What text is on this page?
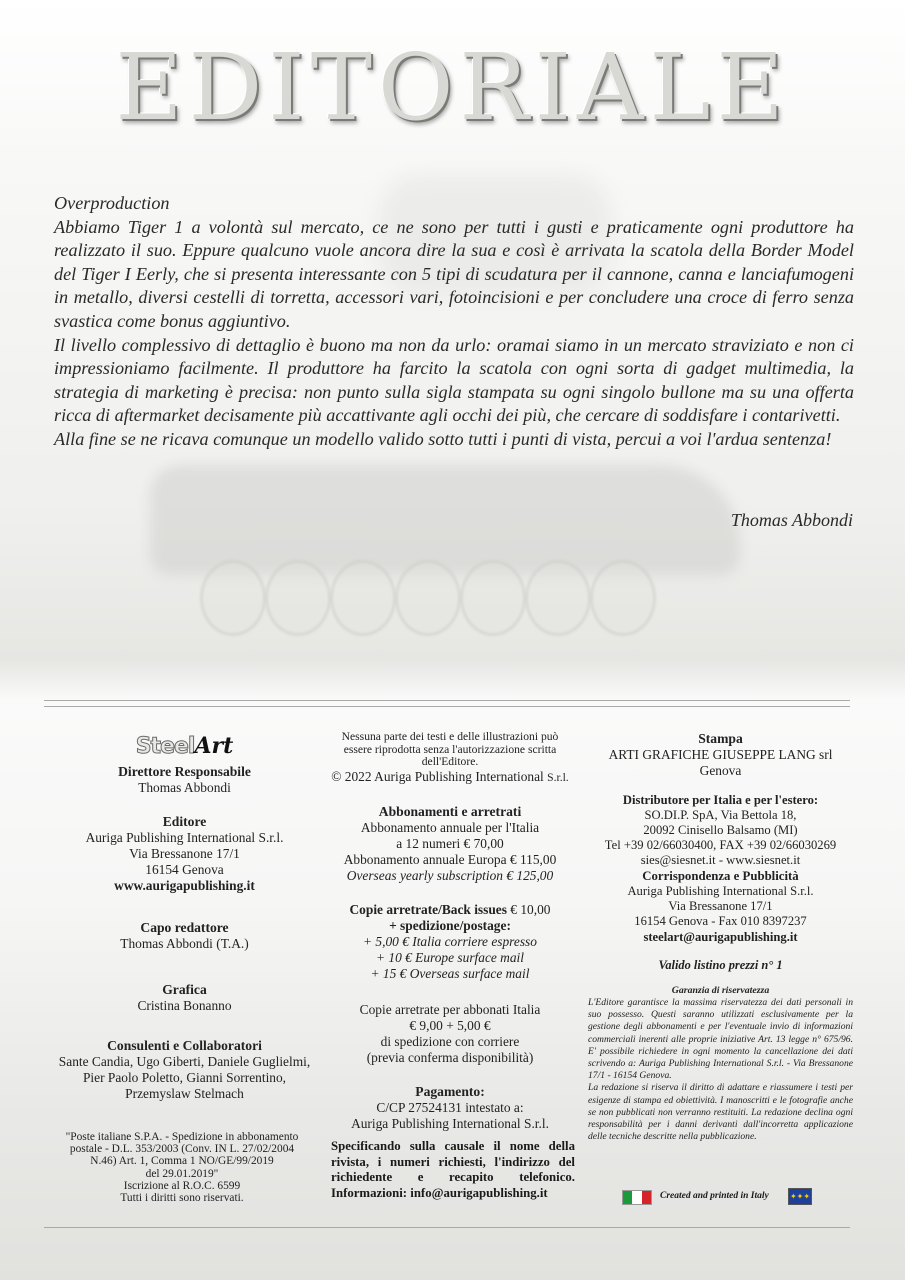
EDITORIALE

Overproduction

Abbiamo Tiger 1 a volontà sul mercato, ce ne sono per tutti i gusti e praticamente ogni produttore ha realizzato il suo. Eppure qualcuno vuole ancora dire la sua e così è arrivata la scatola della Border Model del Tiger I Eerly, che si presenta interessante con 5 tipi di scudatura per il cannone, canna e lanciafumogeni in metallo, diversi cestelli di torretta, accessori vari, fotoincisioni e per concludere una croce di ferro senza svastica come bonus aggiuntivo.

Il livello complessivo di dettaglio è buono ma non da urlo: oramai siamo in un mercato straviziato e non ci impressioniamo facilmente. Il produttore ha farcito la scatola con ogni sorta di gadget multimedia, la strategia di marketing è precisa: non punto sulla sigla stampata su ogni singolo bullone ma su una offerta ricca di aftermarket decisamente più accattivante agli occhi dei più, che cercare di soddisfare i contarivetti.

Alla fine se ne ricava comunque un modello valido sotto tutti i punti di vista, percui a voi l'ardua sentenza!

Thomas Abbondi
SteelArt
Direttore Responsabile
Thomas Abbondi
Editore
Auriga Publishing International S.r.l.
Via Bressanone 17/1
16154 Genova
www.aurigapublishing.it
Capo redattore
Thomas Abbondi (T.A.)
Grafica
Cristina Bonanno
Consulenti e Collaboratori
Sante Candia, Ugo Giberti, Daniele Guglielmi,
Pier Paolo Poletto, Gianni Sorrentino,
Przemyslaw Stelmach
"Poste italiane S.P.A. - Spedizione in abbonamento
postale - D.L. 353/2003 (Conv. IN L. 27/02/2004
N.46) Art. 1, Comma 1 NO/GE/99/2019
del 29.01.2019"
Iscrizione al R.O.C. 6599
Tutti i diritti sono riservati.
Nessuna parte dei testi e delle illustrazioni può
essere riprodotta senza l'autorizzazione scritta
dell'Editore.
© 2022 Auriga Publishing International S.r.l.
Abbonamenti e arretrati
Abbonamento annuale per l'Italia
a 12 numeri € 70,00
Abbonamento annuale Europa € 115,00
Overseas yearly subscription € 125,00
Copie arretrate/Back issues € 10,00
+ spedizione/postage:
+ 5,00 € Italia corriere espresso
+ 10 € Europe surface mail
+ 15 € Overseas surface mail
Copie arretrate per abbonati Italia
€ 9,00 + 5,00 €
di spedizione con corriere
(previa conferma disponibilità)
Pagamento:
C/CP 27524131 intestato a:
Auriga Publishing International S.r.l.
Specificando sulla causale il nome della rivista, i numeri richiesti, l'indirizzo del richiedente e recapito telefonico. Informazioni: info@aurigapublishing.it
Stampa
ARTI GRAFICHE GIUSEPPE LANG srl
Genova
Distributore per Italia e per l'estero:
SO.DI.P. SpA, Via Bettola 18,
20092 Cinisello Balsamo (MI)
Tel +39 02/66030400, FAX +39 02/66030269
sies@siesnet.it - www.siesnet.it
Corrispondenza e Pubblicità
Auriga Publishing International S.r.l.
Via Bressanone 17/1
16154 Genova - Fax 010 8397237
steelart@aurigapublishing.it
Valido listino prezzi n° 1
Garanzia di riservatezza
L'Editore garantisce la massima riservatezza dei dati personali in suo possesso. Questi saranno utilizzati esclusivamente per la gestione degli abbonamenti e per l'eventuale invio di informazioni commerciali inerenti alle proprie iniziative Art. 13 legge n° 675/96. E' possibile richiedere in ogni momento la cancellazione dei dati scrivendo a: Auriga Publishing International S.r.l. - Via Bressanone 17/1 - 16154 Genova.
La redazione si riserva il diritto di adattare e riassumere i testi per esigenze di stampa ed obiettività. I manoscritti e le fotografie anche se non pubblicati non verranno restituiti. La redazione declina ogni responsabilità per i danni derivanti dall'incorretta applicazione delle tecniche descritte nella pubblicazione.
Created and printed in Italy	✦✦✦
